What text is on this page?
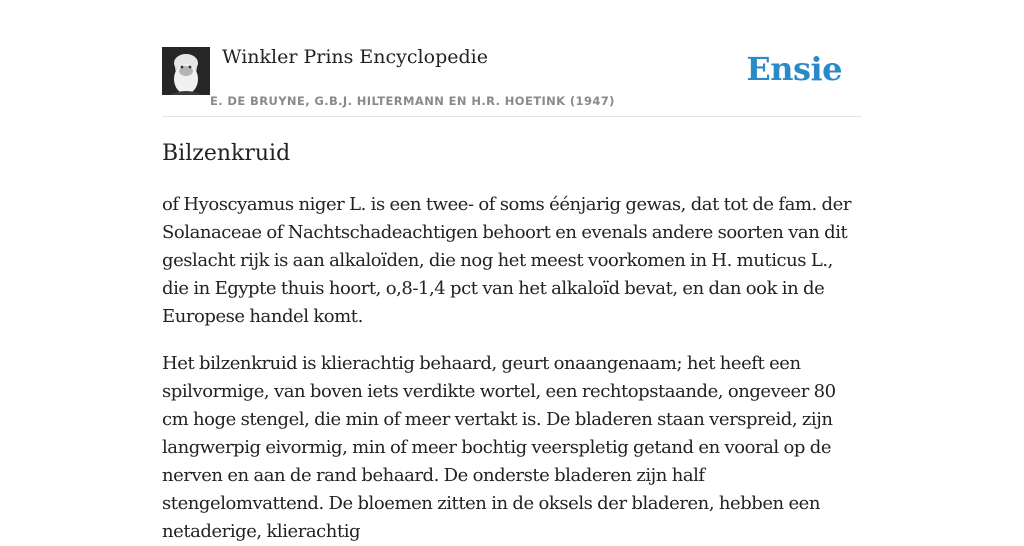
Winkler Prins Encyclopedie
E. DE BRUYNE, G.B.J. HILTERMANN EN H.R. HOETINK (1947)
Ensie
Bilzenkruid

of Hyoscyamus niger L. is een twee- of soms éénjarig gewas, dat tot de fam. der Solanaceae of Nachtschadeachtigen behoort en evenals andere soorten van dit geslacht rijk is aan alkaloïden, die nog het meest voorkomen in H. muticus L., die in Egypte thuis hoort, o,8-1,4 pct van het alkaloïd bevat, en dan ook in de Europese handel komt.

Het bilzenkruid is klierachtig behaard, geurt onaangenaam; het heeft een spilvormige, van boven iets verdikte wortel, een rechtopstaande, ongeveer 80 cm hoge stengel, die min of meer vertakt is. De bladeren staan verspreid, zijn langwerpig eivormig, min of meer bochtig veerspletig getand en vooral op de nerven en aan de rand behaard. De onderste bladeren zijn half stengelomvattend. De bloemen zitten in de oksels der bladeren, hebben een netaderige, klierachtig
